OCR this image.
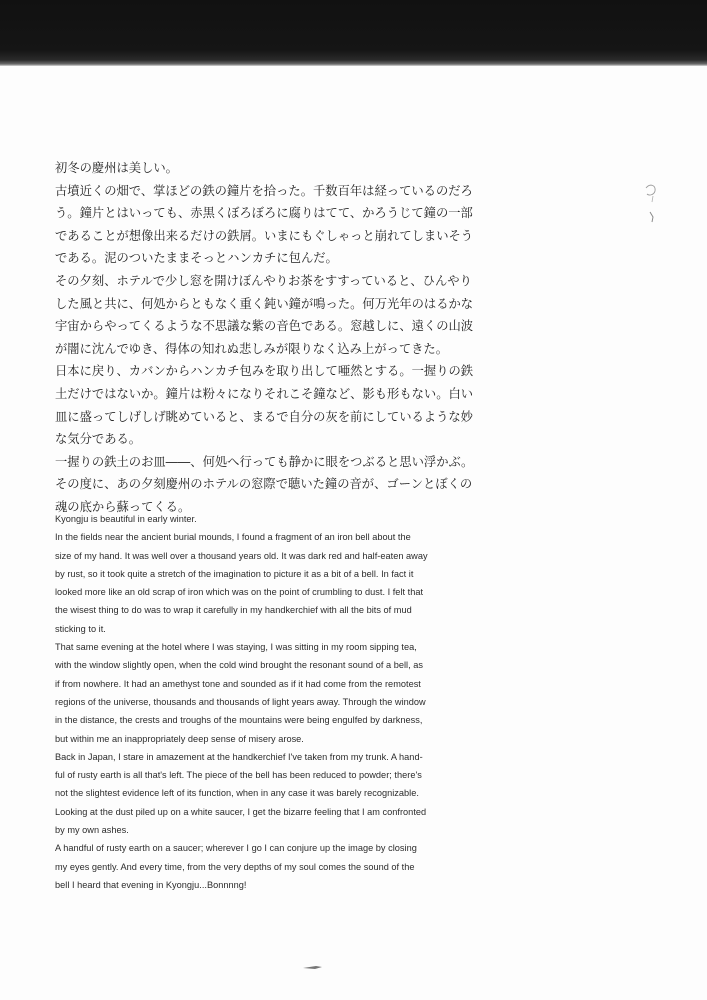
初冬の慶州は美しい。

古墳近くの畑で、掌ほどの鉄の鐘片を拾った。千数百年は経っているのだろ

う。鐘片とはいっても、赤黒くぼろぼろに腐りはてて、かろうじて鐘の一部

であることが想像出来るだけの鉄屑。いまにもぐしゃっと崩れてしまいそう

である。泥のついたままそっとハンカチに包んだ。

その夕刻、ホテルで少し窓を開けぼんやりお茶をすすっていると、ひんやり

した風と共に、何処からともなく重く鈍い鐘が鳴った。何万光年のはるかな

宇宙からやってくるような不思議な紫の音色である。窓越しに、遠くの山波

が闇に沈んでゆき、得体の知れぬ悲しみが限りなく込み上がってきた。

日本に戻り、カバンからハンカチ包みを取り出して唖然とする。一握りの鉄

土だけではないか。鐘片は粉々になりそれこそ鐘など、影も形もない。白い

皿に盛ってしげしげ眺めていると、まるで自分の灰を前にしているような妙

な気分である。

一握りの鉄土のお皿――、何処へ行っても静かに眼をつぶると思い浮かぶ。

その度に、あの夕刻慶州のホテルの窓際で聴いた鐘の音が、ゴーンとぼくの

魂の底から蘇ってくる。

Kyongju is beautiful in early winter.

In the fields near the ancient burial mounds, I found a fragment of an iron bell about the

size of my hand. It was well over a thousand years old. It was dark red and half-eaten away

by rust, so it took quite a stretch of the imagination to picture it as a bit of a bell. In fact it

looked more like an old scrap of iron which was on the point of crumbling to dust. I felt that

the wisest thing to do was to wrap it carefully in my handkerchief with all the bits of mud

sticking to it.

That same evening at the hotel where I was staying, I was sitting in my room sipping tea,

with the window slightly open, when the cold wind brought the resonant sound of a bell, as

if from nowhere. It had an amethyst tone and sounded as if it had come from the remotest

regions of the universe, thousands and thousands of light years away. Through the window

in the distance, the crests and troughs of the mountains were being engulfed by darkness,

but within me an inappropriately deep sense of misery arose.

Back in Japan, I stare in amazement at the handkerchief I've taken from my trunk. A hand-

ful of rusty earth is all that's left. The piece of the bell has been reduced to powder; there's

not the slightest evidence left of its function, when in any case it was barely recognizable.

Looking at the dust piled up on a white saucer, I get the bizarre feeling that I am confronted

by my own ashes.

A handful of rusty earth on a saucer; wherever I go I can conjure up the image by closing

my eyes gently. And every time, from the very depths of my soul comes the sound of the

bell I heard that evening in Kyongju...Bonnnng!
